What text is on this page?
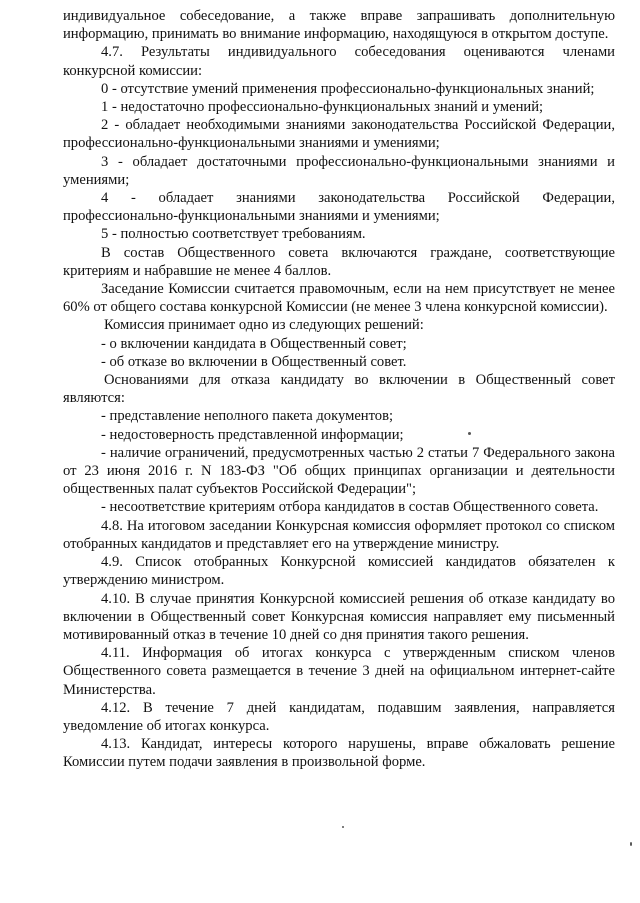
индивидуальное собеседование, а также вправе запрашивать дополнительную информацию, принимать во внимание информацию, находящуюся в открытом доступе.

4.7. Результаты индивидуального собеседования оцениваются членами конкурсной комиссии:

0 - отсутствие умений применения профессионально-функциональных знаний;

1 - недостаточно профессионально-функциональных знаний и умений;

2 - обладает необходимыми знаниями законодательства Российской Федерации, профессионально-функциональными знаниями и умениями;

3 - обладает достаточными профессионально-функциональными знаниями и умениями;

4 - обладает знаниями законодательства Российской Федерации, профессионально-функциональными знаниями и умениями;

5 - полностью соответствует требованиям.

В состав Общественного совета включаются граждане, соответствующие критериям и набравшие не менее 4 баллов.

Заседание Комиссии считается правомочным, если на нем присутствует не менее 60% от общего состава конкурсной Комиссии (не менее 3 члена конкурсной комиссии).

Комиссия принимает одно из следующих решений:

- о включении кандидата в Общественный совет;

- об отказе во включении в Общественный совет.

Основаниями для отказа кандидату во включении в Общественный совет являются:

- представление неполного пакета документов;

- недостоверность представленной информации;

- наличие ограничений, предусмотренных частью 2 статьи 7 Федерального закона от 23 июня 2016 г. N 183-ФЗ "Об общих принципах организации и деятельности общественных палат субъектов Российской Федерации";

- несоответствие критериям отбора кандидатов в состав Общественного совета.

4.8. На итоговом заседании Конкурсная комиссия оформляет протокол со списком отобранных кандидатов и представляет его на утверждение министру.

4.9. Список отобранных Конкурсной комиссией кандидатов обязателен к утверждению министром.

4.10. В случае принятия Конкурсной комиссией решения об отказе кандидату во включении в Общественный совет Конкурсная комиссия направляет ему письменный мотивированный отказ в течение 10 дней со дня принятия такого решения.

4.11. Информация об итогах конкурса с утвержденным списком членов Общественного совета размещается в течение 3 дней на официальном интернет-сайте Министерства.

4.12. В течение 7 дней кандидатам, подавшим заявления, направляется уведомление об итогах конкурса.

4.13. Кандидат, интересы которого нарушены, вправе обжаловать решение Комиссии путем подачи заявления в произвольной форме.
